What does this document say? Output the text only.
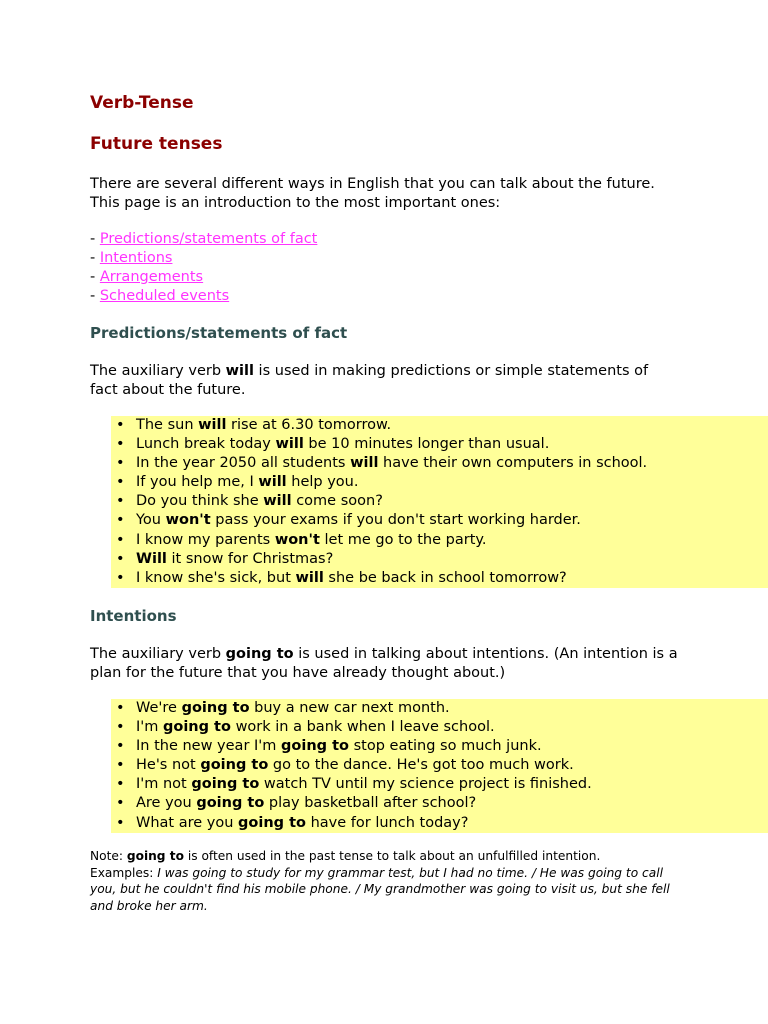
Verb-Tense
Future tenses

There are several different ways in English that you can talk about the future. This page is an introduction to the most important ones:

- Predictions/statements of fact
- Intentions
- Arrangements
- Scheduled events
Predictions/statements of fact

The auxiliary verb will is used in making predictions or simple statements of fact about the future.

• The sun will rise at 6.30 tomorrow.
• Lunch break today will be 10 minutes longer than usual.
• In the year 2050 all students will have their own computers in school.
• If you help me, I will help you.
• Do you think she will come soon?
• You won't pass your exams if you don't start working harder.
• I know my parents won't let me go to the party.
• Will it snow for Christmas?
• I know she's sick, but will she be back in school tomorrow?
Intentions

The auxiliary verb going to is used in talking about intentions. (An intention is a plan for the future that you have already thought about.)

• We're going to buy a new car next month.
• I'm going to work in a bank when I leave school.
• In the new year I'm going to stop eating so much junk.
• He's not going to go to the dance. He's got too much work.
• I'm not going to watch TV until my science project is finished.
• Are you going to play basketball after school?
• What are you going to have for lunch today?

Note: going to is often used in the past tense to talk about an unfulfilled intention.
Examples: I was going to study for my grammar test, but I had no time. / He was going to call you, but he couldn't find his mobile phone. / My grandmother was going to visit us, but she fell and broke her arm.
